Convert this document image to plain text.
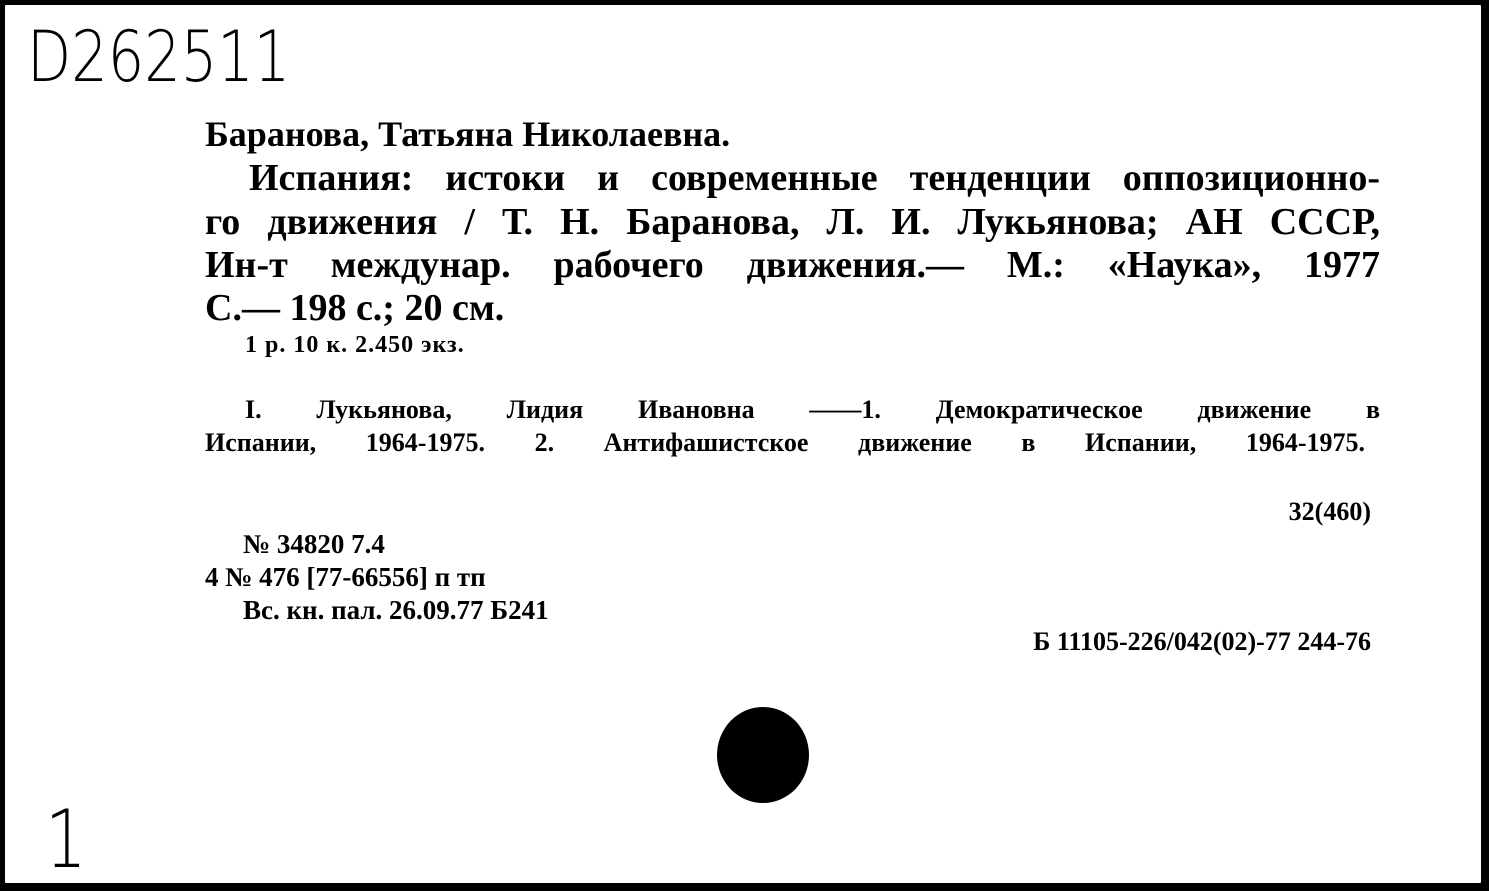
D262511
Баранова, Татьяна Николаевна.
Испания: истоки и современные тенденции оппозиционно-
го движения / Т. Н. Баранова, Л. И. Лукьянова; АН СССР,
Ин-т междунар. рабочего движения.— М.: «Наука», 1977
С.— 198 с.; 20 см.
1 р. 10 к. 2.450 экз.
I. Лукьянова, Лидия Ивановна ——1. Демократическое движение в
Испании, 1964-1975. 2. Антифашистское движение в Испании, 1964-1975.
32(460)
№ 34820 7.4
4 № 476 [77-66556] п тп
Вс. кн. пал. 26.09.77 Б241
Б 11105-226/042(02)-77 244-76
1
